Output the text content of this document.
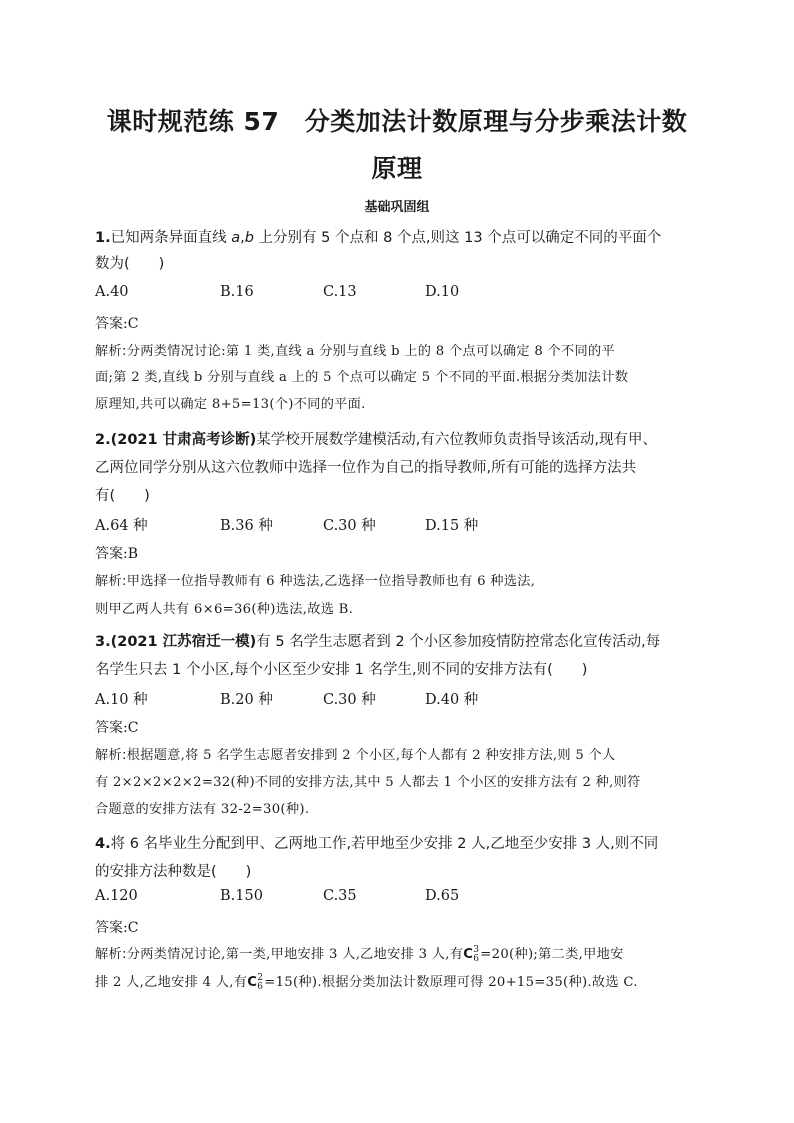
课时规范练 57　分类加法计数原理与分步乘法计数
原理
基础巩固组
1.已知两条异面直线 a,b 上分别有 5 个点和 8 个点,则这 13 个点可以确定不同的平面个
数为(　　)
A.40	B.16	C.13	D.10
答案:C
解析:分两类情况讨论:第 1 类,直线 a 分别与直线 b 上的 8 个点可以确定 8 个不同的平
面;第 2 类,直线 b 分别与直线 a 上的 5 个点可以确定 5 个不同的平面.根据分类加法计数
原理知,共可以确定 8+5=13(个)不同的平面.
2.(2021 甘肃高考诊断)某学校开展数学建模活动,有六位教师负责指导该活动,现有甲、
乙两位同学分别从这六位教师中选择一位作为自己的指导教师,所有可能的选择方法共
有(　　)
A.64 种	B.36 种	C.30 种	D.15 种
答案:B
解析:甲选择一位指导教师有 6 种选法,乙选择一位指导教师也有 6 种选法,
则甲乙两人共有 6×6=36(种)选法,故选 B.
3.(2021 江苏宿迁一模)有 5 名学生志愿者到 2 个小区参加疫情防控常态化宣传活动,每
名学生只去 1 个小区,每个小区至少安排 1 名学生,则不同的安排方法有(　　)
A.10 种	B.20 种	C.30 种	D.40 种
答案:C
解析:根据题意,将 5 名学生志愿者安排到 2 个小区,每个人都有 2 种安排方法,则 5 个人
有 2×2×2×2×2=32(种)不同的安排方法,其中 5 人都去 1 个小区的安排方法有 2 种,则符
合题意的安排方法有 32-2=30(种).
4.将 6 名毕业生分配到甲、乙两地工作,若甲地至少安排 2 人,乙地至少安排 3 人,则不同
的安排方法种数是(　　)
A.120	B.150	C.35	D.65
答案:C
解析:分两类情况讨论,第一类,甲地安排 3 人,乙地安排 3 人,有C 3
6 =20(种);第二类,甲地安
排 2 人,乙地安排 4 人,有C 2
6 =15(种).根据分类加法计数原理可得 20+15=35(种).故选 C.
